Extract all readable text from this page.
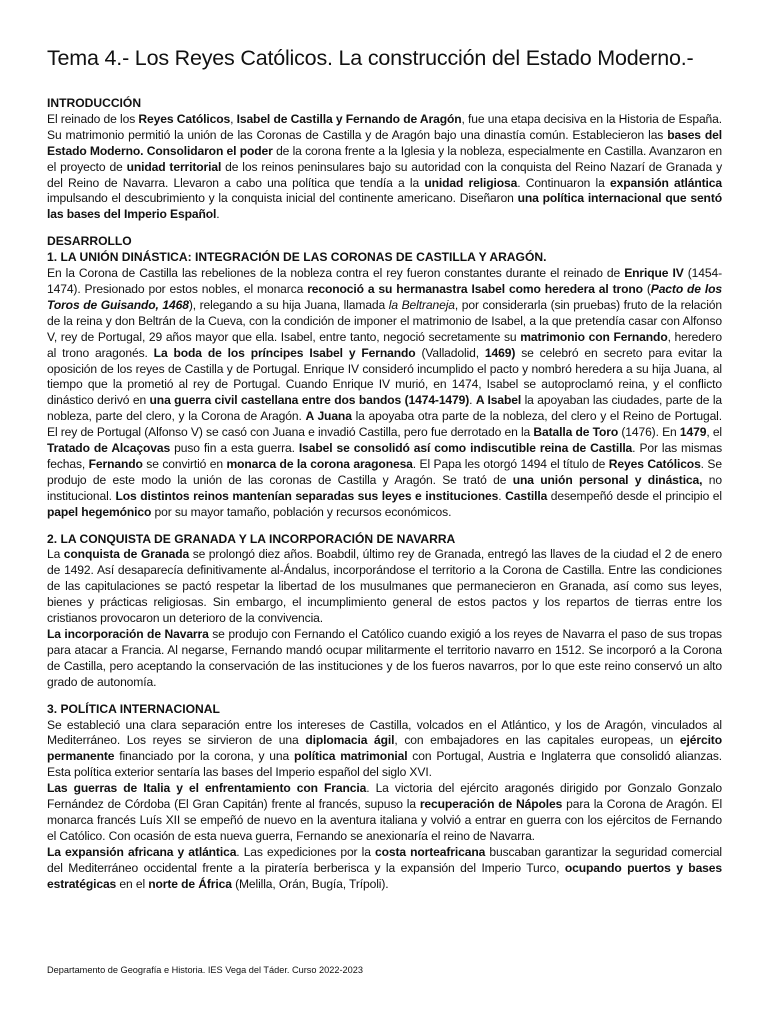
Tema 4.- Los Reyes Católicos. La construcción del Estado Moderno.-
INTRODUCCIÓN

El reinado de los Reyes Católicos, Isabel de Castilla y Fernando de Aragón, fue una etapa decisiva en la Historia de España. Su matrimonio permitió la unión de las Coronas de Castilla y de Aragón bajo una dinastía común. Establecieron las bases del Estado Moderno. Consolidaron el poder de la corona frente a la Iglesia y la nobleza, especialmente en Castilla. Avanzaron en el proyecto de unidad territorial de los reinos peninsulares bajo su autoridad con la conquista del Reino Nazarí de Granada y del Reino de Navarra. Llevaron a cabo una política que tendía a la unidad religiosa. Continuaron la expansión atlántica impulsando el descubrimiento y la conquista inicial del continente americano. Diseñaron una política internacional que sentó las bases del Imperio Español.

DESARROLLO
1. LA UNIÓN DINÁSTICA: INTEGRACIÓN DE LAS CORONAS DE CASTILLA Y ARAGÓN.

En la Corona de Castilla las rebeliones de la nobleza contra el rey fueron constantes durante el reinado de Enrique IV (1454-1474). Presionado por estos nobles, el monarca reconoció a su hermanastra Isabel como heredera al trono (Pacto de los Toros de Guisando, 1468), relegando a su hija Juana, llamada la Beltraneja, por considerarla (sin pruebas) fruto de la relación de la reina y don Beltrán de la Cueva, con la condición de imponer el matrimonio de Isabel, a la que pretendía casar con Alfonso V, rey de Portugal, 29 años mayor que ella. Isabel, entre tanto, negoció secretamente su matrimonio con Fernando, heredero al trono aragonés. La boda de los príncipes Isabel y Fernando (Valladolid, 1469) se celebró en secreto para evitar la oposición de los reyes de Castilla y de Portugal. Enrique IV consideró incumplido el pacto y nombró heredera a su hija Juana, al tiempo que la prometió al rey de Portugal. Cuando Enrique IV murió, en 1474, Isabel se autoproclamó reina, y el conflicto dinástico derivó en una guerra civil castellana entre dos bandos (1474-1479). A Isabel la apoyaban las ciudades, parte de la nobleza, parte del clero, y la Corona de Aragón. A Juana la apoyaba otra parte de la nobleza, del clero y el Reino de Portugal. El rey de Portugal (Alfonso V) se casó con Juana e invadió Castilla, pero fue derrotado en la Batalla de Toro (1476). En 1479, el Tratado de Alcaçovas puso fin a esta guerra. Isabel se consolidó así como indiscutible reina de Castilla. Por las mismas fechas, Fernando se convirtió en monarca de la corona aragonesa. El Papa les otorgó 1494 el título de Reyes Católicos. Se produjo de este modo la unión de las coronas de Castilla y Aragón. Se trató de una unión personal y dinástica, no institucional. Los distintos reinos mantenían separadas sus leyes e instituciones. Castilla desempeñó desde el principio el papel hegemónico por su mayor tamaño, población y recursos económicos.

2. LA CONQUISTA DE GRANADA Y LA INCORPORACIÓN DE NAVARRA

La conquista de Granada se prolongó diez años. Boabdil, último rey de Granada, entregó las llaves de la ciudad el 2 de enero de 1492. Así desaparecía definitivamente al-Ándalus, incorporándose el territorio a la Corona de Castilla. Entre las condiciones de las capitulaciones se pactó respetar la libertad de los musulmanes que permanecieron en Granada, así como sus leyes, bienes y prácticas religiosas. Sin embargo, el incumplimiento general de estos pactos y los repartos de tierras entre los cristianos provocaron un deterioro de la convivencia.

La incorporación de Navarra se produjo con Fernando el Católico cuando exigió a los reyes de Navarra el paso de sus tropas para atacar a Francia. Al negarse, Fernando mandó ocupar militarmente el territorio navarro en 1512. Se incorporó a la Corona de Castilla, pero aceptando la conservación de las instituciones y de los fueros navarros, por lo que este reino conservó un alto grado de autonomía.

3. POLÍTICA INTERNACIONAL

Se estableció una clara separación entre los intereses de Castilla, volcados en el Atlántico, y los de Aragón, vinculados al Mediterráneo. Los reyes se sirvieron de una diplomacia ágil, con embajadores en las capitales europeas, un ejército permanente financiado por la corona, y una política matrimonial con Portugal, Austria e Inglaterra que consolidó alianzas. Esta política exterior sentaría las bases del Imperio español del siglo XVI.

Las guerras de Italia y el enfrentamiento con Francia. La victoria del ejército aragonés dirigido por Gonzalo Gonzalo Fernández de Córdoba (El Gran Capitán) frente al francés, supuso la recuperación de Nápoles para la Corona de Aragón. El monarca francés Luís XII se empeñó de nuevo en la aventura italiana y volvió a entrar en guerra con los ejércitos de Fernando el Católico. Con ocasión de esta nueva guerra, Fernando se anexionaría el reino de Navarra.

La expansión africana y atlántica. Las expediciones por la costa norteafricana buscaban garantizar la seguridad comercial del Mediterráneo occidental frente a la piratería berberisca y la expansión del Imperio Turco, ocupando puertos y bases estratégicas en el norte de África (Melilla, Orán, Bugía, Trípoli).

Departamento de Geografía e Historia. IES Vega del Táder. Curso 2022-2023
